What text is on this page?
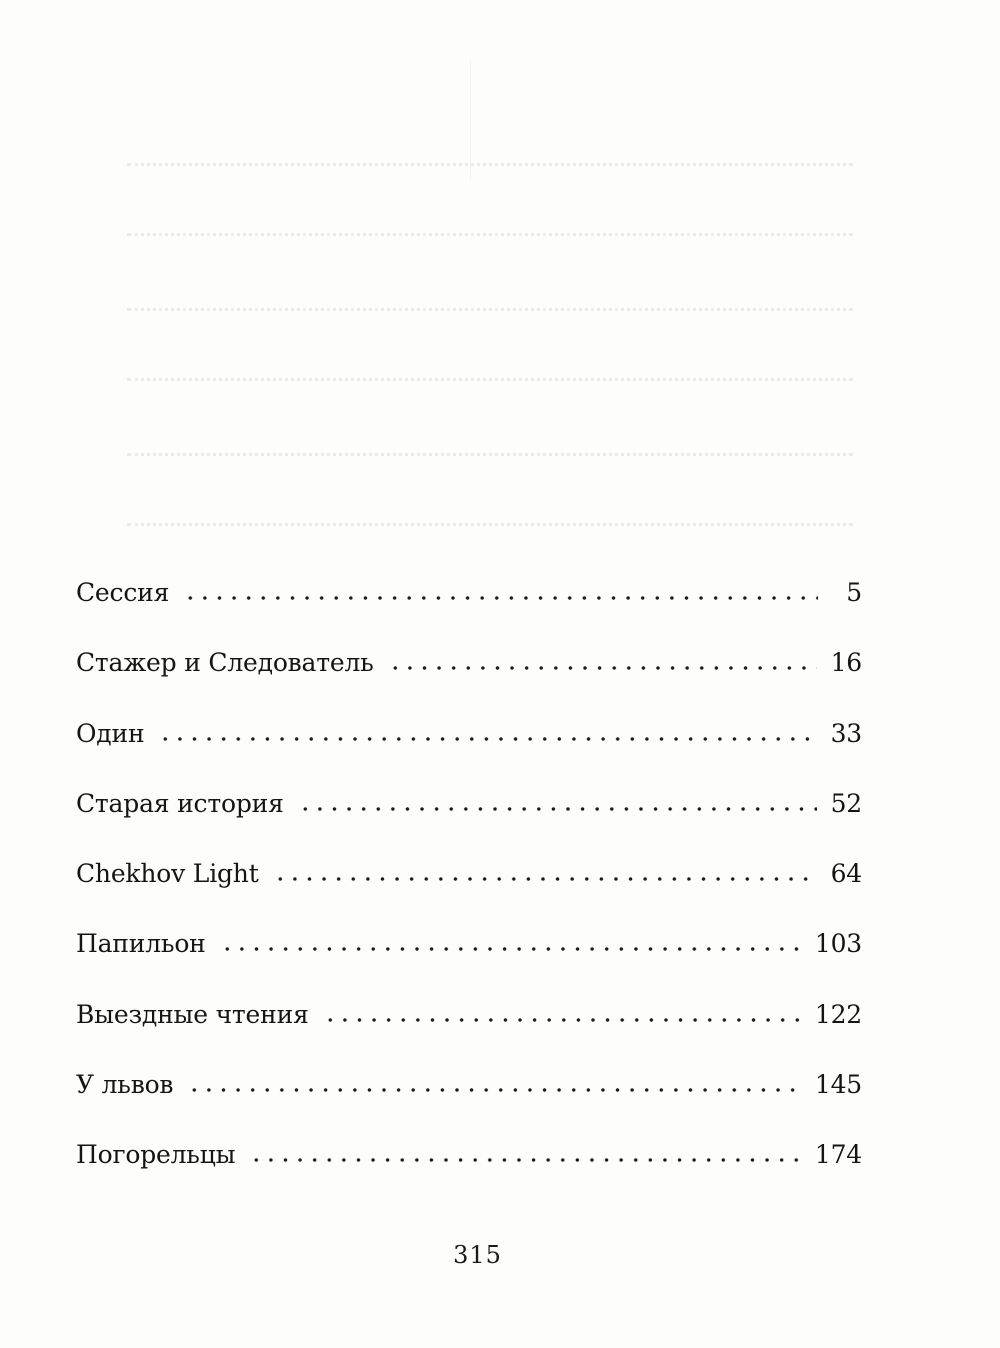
Сессия	5
Стажер и Следователь	16
Один	33
Старая история	52
Chekhov Light	64
Папильон	103
Выездные чтения	122
У львов	145
Погорельцы	174
315
